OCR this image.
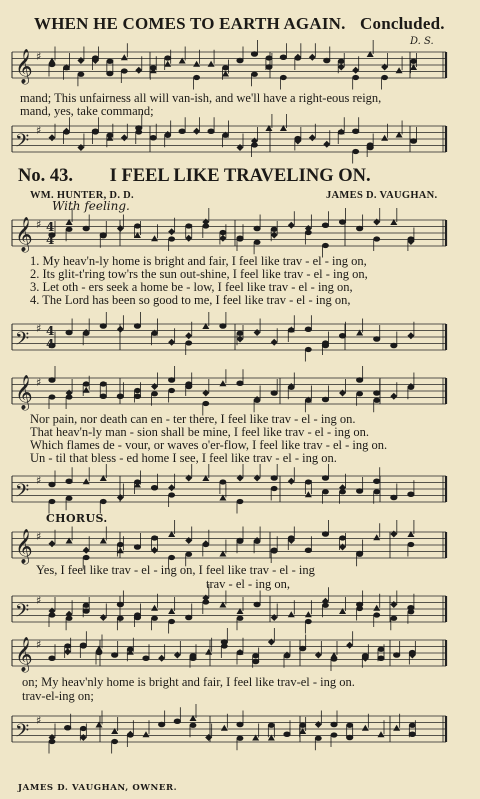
WHEN HE COMES TO EARTH AGAIN. Concluded.
D. S.
𝄞 ♯
mand; This unfairness all will van-ish, and we'll have a right-eous reign,
mand, yes, take command;
𝄢
♯
No. 43. I FEEL LIKE TRAVELING ON.
WM. HUNTER, D. D.	JAMES D. VAUGHAN.
With feeling.
𝄞 ♯ 4
4
1. My heav'n-ly home is bright and fair, I feel like trav - el - ing on,
2. Its glit-t'ring tow'rs the sun out-shine, I feel like trav - el - ing on,
3. Let oth - ers seek a home be - low, I feel like trav - el - ing on,
4. The Lord has been so good to me, I feel like trav - el - ing on,
𝄢
♯ 4
4
𝄞 ♯
Nor pain, nor death can en - ter there, I feel like trav - el - ing on.
That heav'n-ly man - sion shall be mine, I feel like trav - el - ing on.
Which flames de - vour, or waves o'er-flow, I feel like trav - el - ing on.
Un - til that bless - ed home I see, I feel like trav - el - ing on.
𝄢
♯
CHORUS.
𝄞 ♯
Yes, I feel like trav - el - ing on, I feel like trav - el - ing
trav - el - ing on,
𝄢
♯
𝄞 ♯
on; My heav'nly home is bright and fair, I feel like trav-el - ing on.
trav-el-ing on;
𝄢
♯
JAMES D. VAUGHAN, OWNER.
